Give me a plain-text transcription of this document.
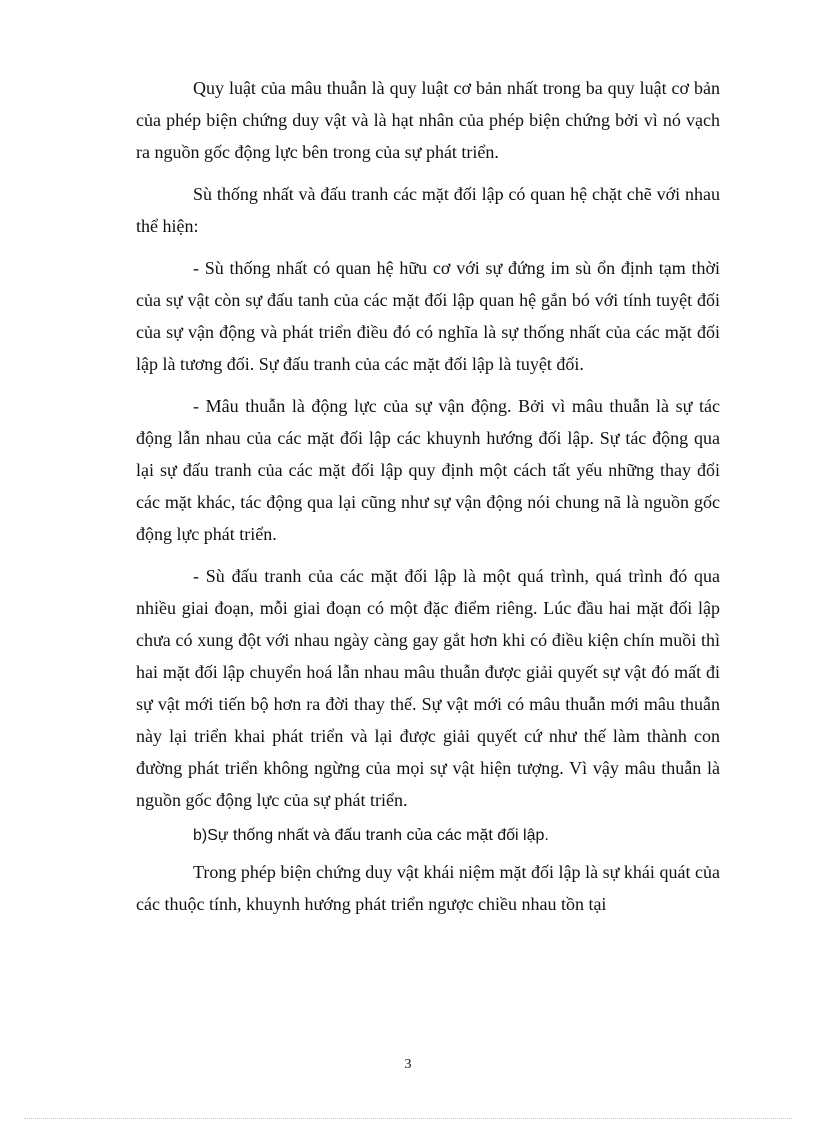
Quy luật của mâu thuẫn là quy luật cơ bản nhất trong ba quy luật cơ bản của phép biện chứng duy vật và là hạt nhân của phép biện chứng bởi vì nó vạch ra nguồn gốc động lực bên trong của sự phát triển.

Sù thống nhất và đấu tranh các mặt đối lập có quan hệ chặt chẽ với nhau thể hiện:

- Sù thống nhất có quan hệ hữu cơ với sự đứng im sù ổn định tạm thời của sự vật còn sự đấu tanh của các mặt đối lập quan hệ gắn bó với tính tuyệt đối của sự vận động và phát triển điều đó có nghĩa là sự thống nhất của các mặt đối lập là tương đối. Sự đấu tranh của các mặt đối lập là tuyệt đối.

- Mâu thuẫn là động lực của sự vận động. Bởi vì mâu thuẫn là sự tác động lẫn nhau của các mặt đối lập các khuynh hướng đối lập. Sự tác động qua lại sự đấu tranh của các mặt đối lập quy định một cách tất yếu những thay đổi các mặt khác, tác động qua lại cũng như sự vận động nói chung nã là nguồn gốc động lực phát triển.

- Sù đấu tranh của các mặt đối lập là một quá trình, quá trình đó qua nhiều giai đoạn, mỗi giai đoạn có một đặc điểm riêng. Lúc đầu hai mặt đối lập chưa có xung đột với nhau ngày càng gay gắt hơn khi có điều kiện chín muồi thì hai mặt đối lập chuyển hoá lẫn nhau mâu thuẫn được giải quyết sự vật đó mất đi sự vật mới tiến bộ hơn ra đời thay thế. Sự vật mới có mâu thuẫn mới mâu thuẫn này lại triển khai phát triển và lại được giải quyết cứ như thế làm thành con đường phát triển không ngừng của mọi sự vật hiện tượng. Vì vậy mâu thuẫn là nguồn gốc động lực của sự phát triển.

b)Sự thống nhất và đấu tranh của các mặt đối lập.

Trong phép biện chứng duy vật khái niệm mặt đối lập là sự khái quát của các thuộc tính, khuynh hướng phát triển ngược chiều nhau tồn tại

3
